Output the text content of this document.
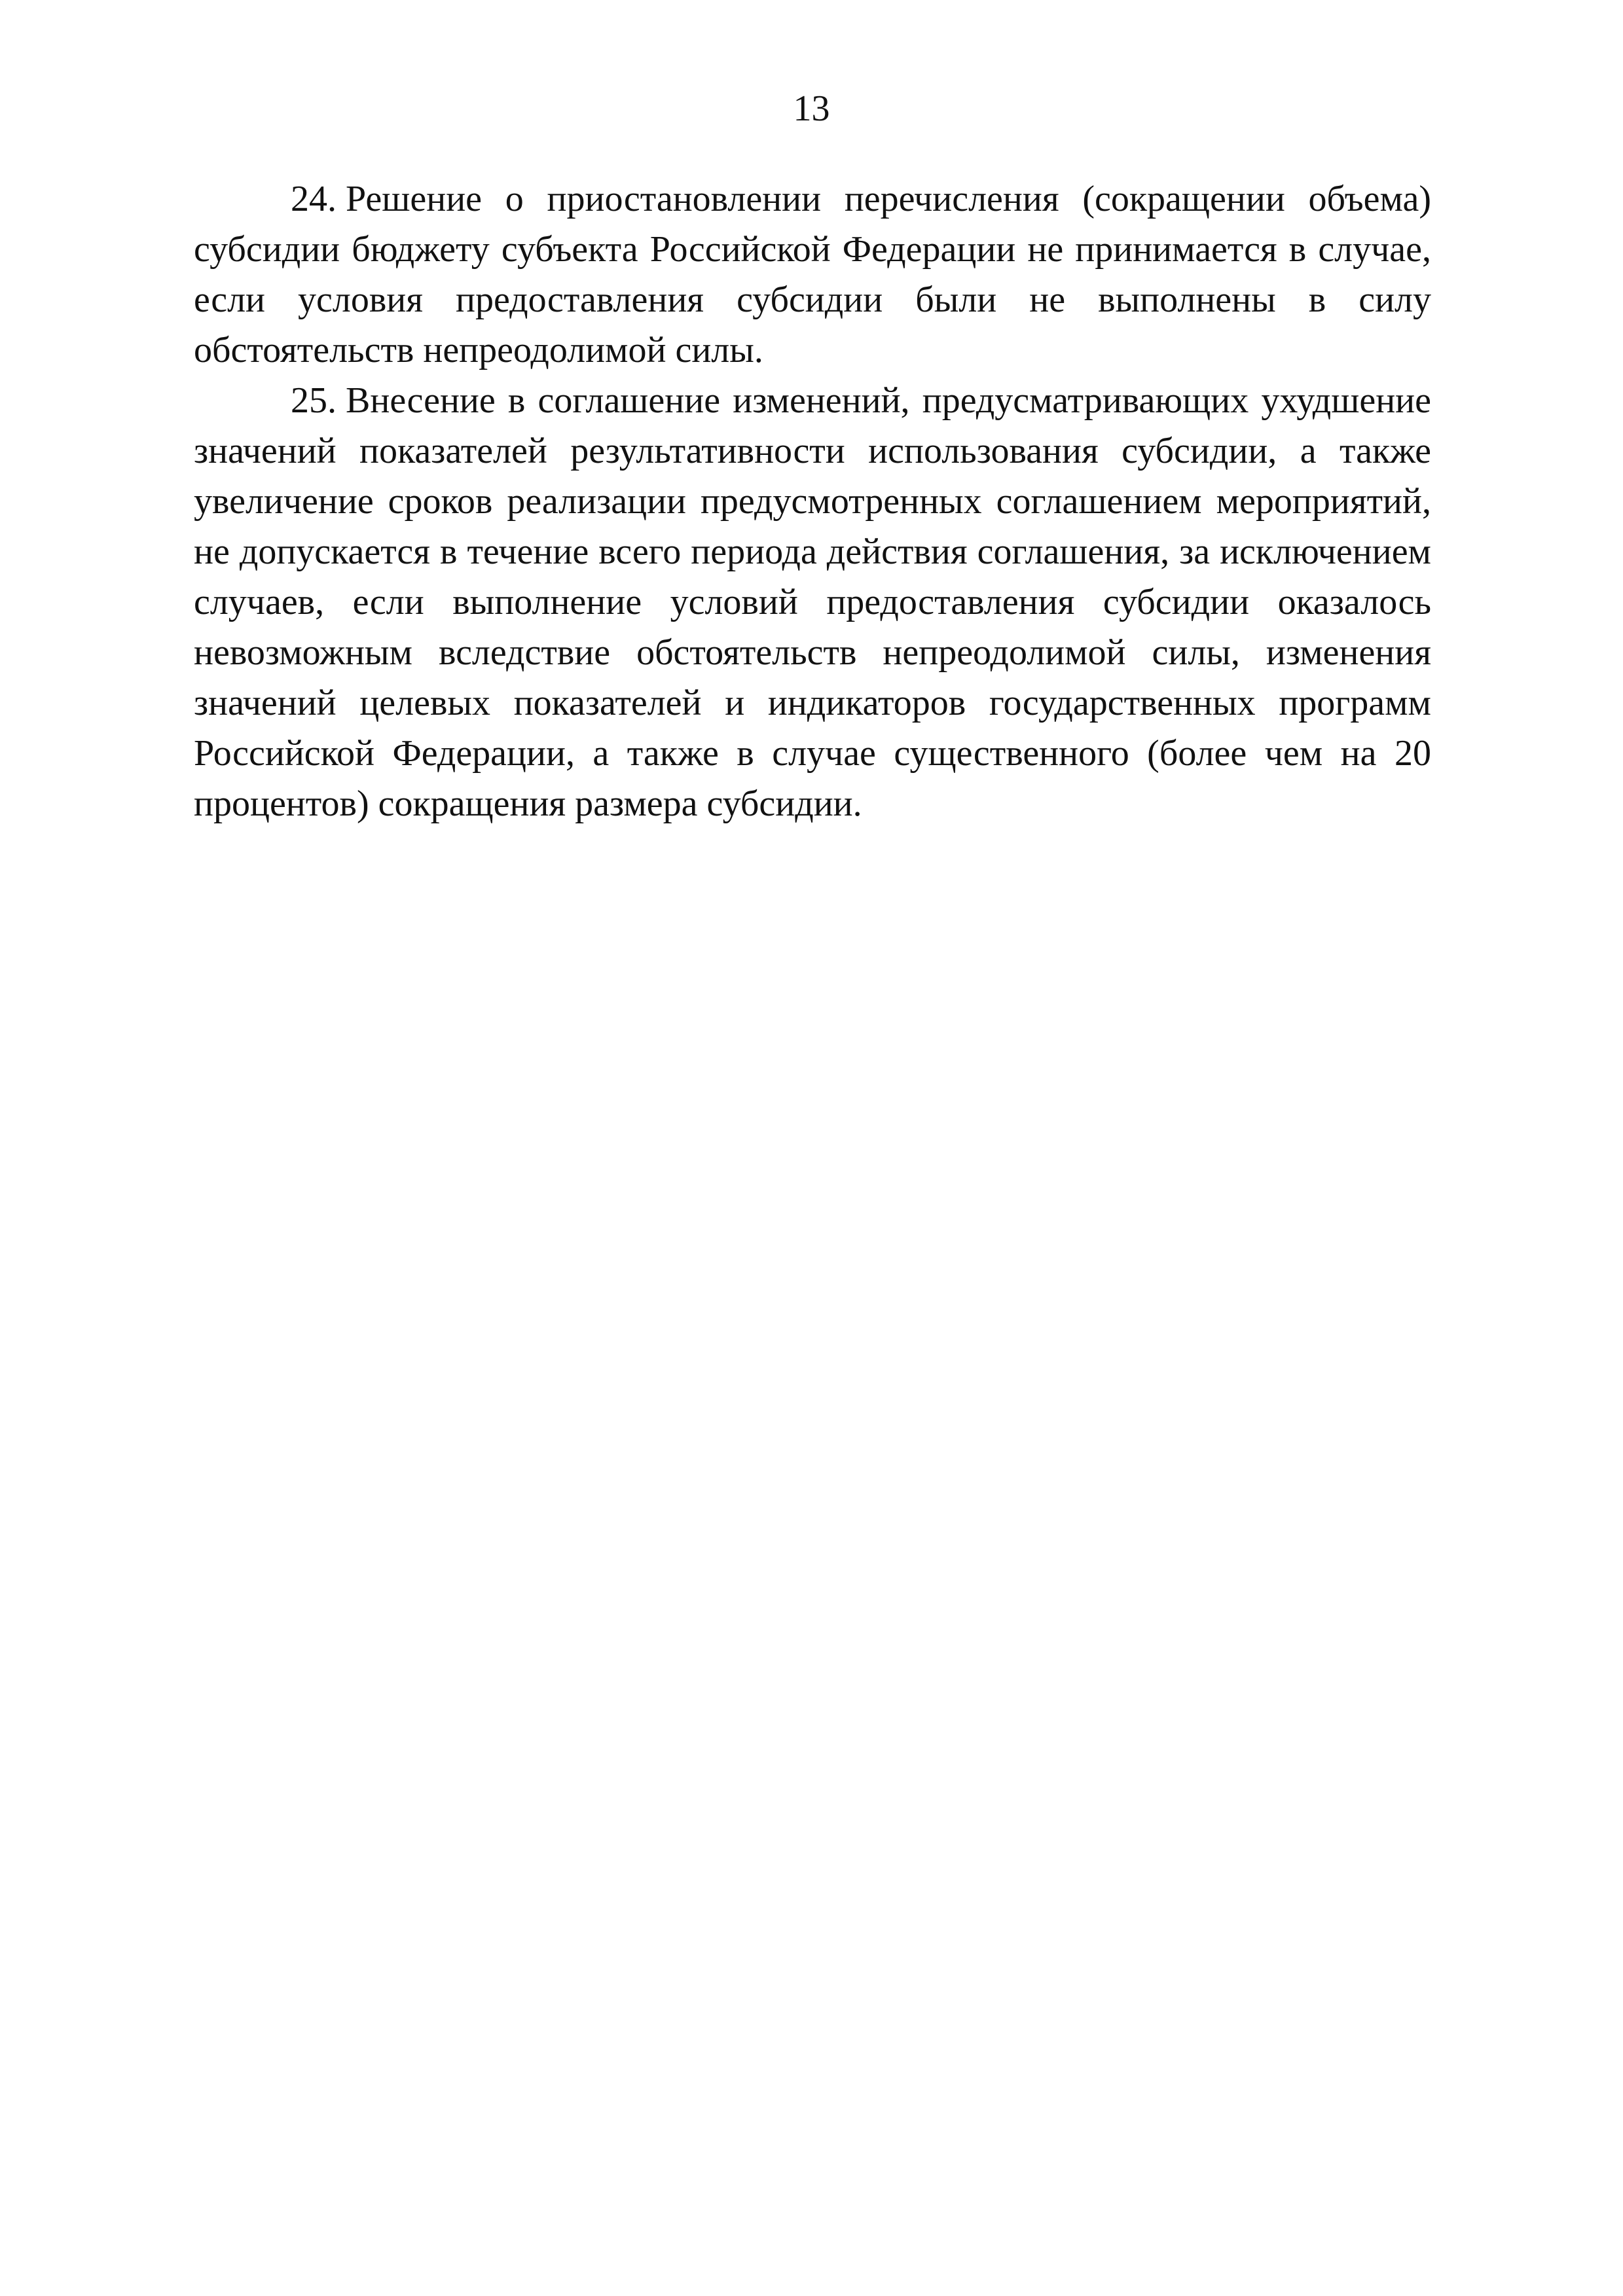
13

24. Решение о приостановлении перечисления (сокращении объема) субсидии бюджету субъекта Российской Федерации не принимается в случае, если условия предоставления субсидии были не выполнены в силу обстоятельств непреодолимой силы.

25. Внесение в соглашение изменений, предусматривающих ухудшение значений показателей результативности использования субсидии, а также увеличение сроков реализации предусмотренных соглашением мероприятий, не допускается в течение всего периода действия соглашения, за исключением случаев, если выполнение условий предоставления субсидии оказалось невозможным вследствие обстоятельств непреодолимой силы, изменения значений целевых показателей и индикаторов государственных программ Российской Федерации, а также в случае существенного (более чем на 20 процентов) сокращения размера субсидии.
